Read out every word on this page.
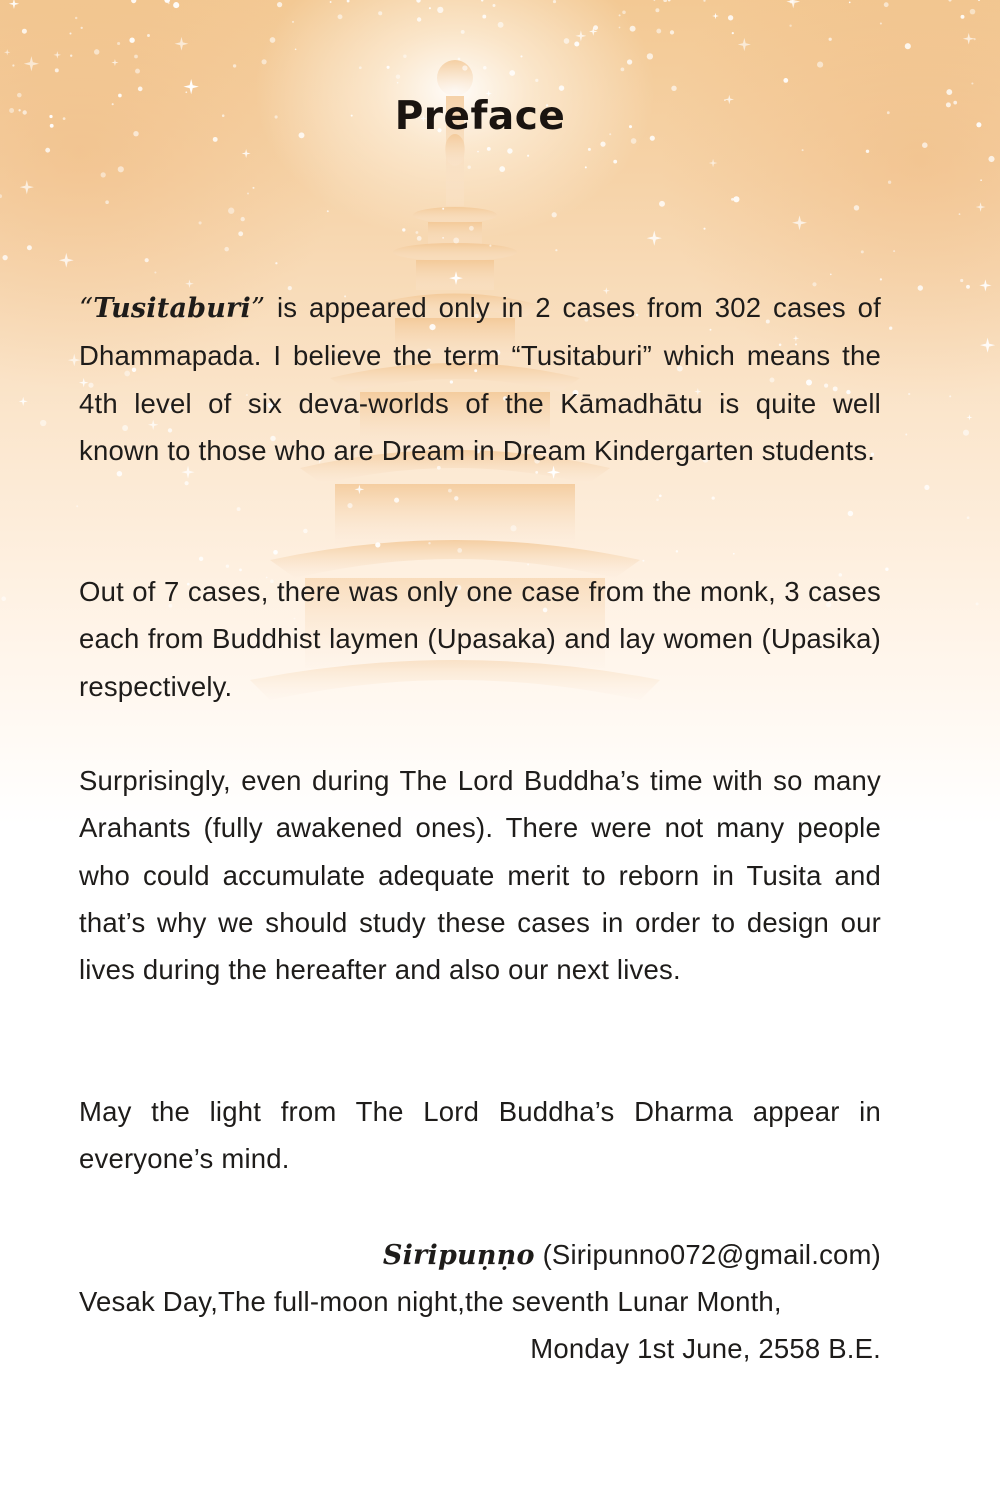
Preface

“Tusitaburi” is appeared only in 2 cases from 302 cases of Dhammapada. I believe the term “Tusitaburi” which means the 4th level of six deva-worlds of the Kāmadhātu is quite well known to those who are Dream in Dream Kindergarten students.

Out of 7 cases, there was only one case from the monk, 3 cases each from Buddhist laymen (Upasaka) and lay women (Upasika) respectively.

Surprisingly, even during The Lord Buddha’s time with so many Arahants (fully awakened ones). There were not many people who could accumulate adequate merit to reborn in Tusita and that’s why we should study these cases in order to design our lives during the hereafter and also our next lives.

May the light from The Lord Buddha’s Dharma appear in everyone’s mind.

Siripuṇṇo (Siripunno072@gmail.com)

Vesak Day,The full-moon night,the seventh Lunar Month,

Monday 1st June, 2558 B.E.
